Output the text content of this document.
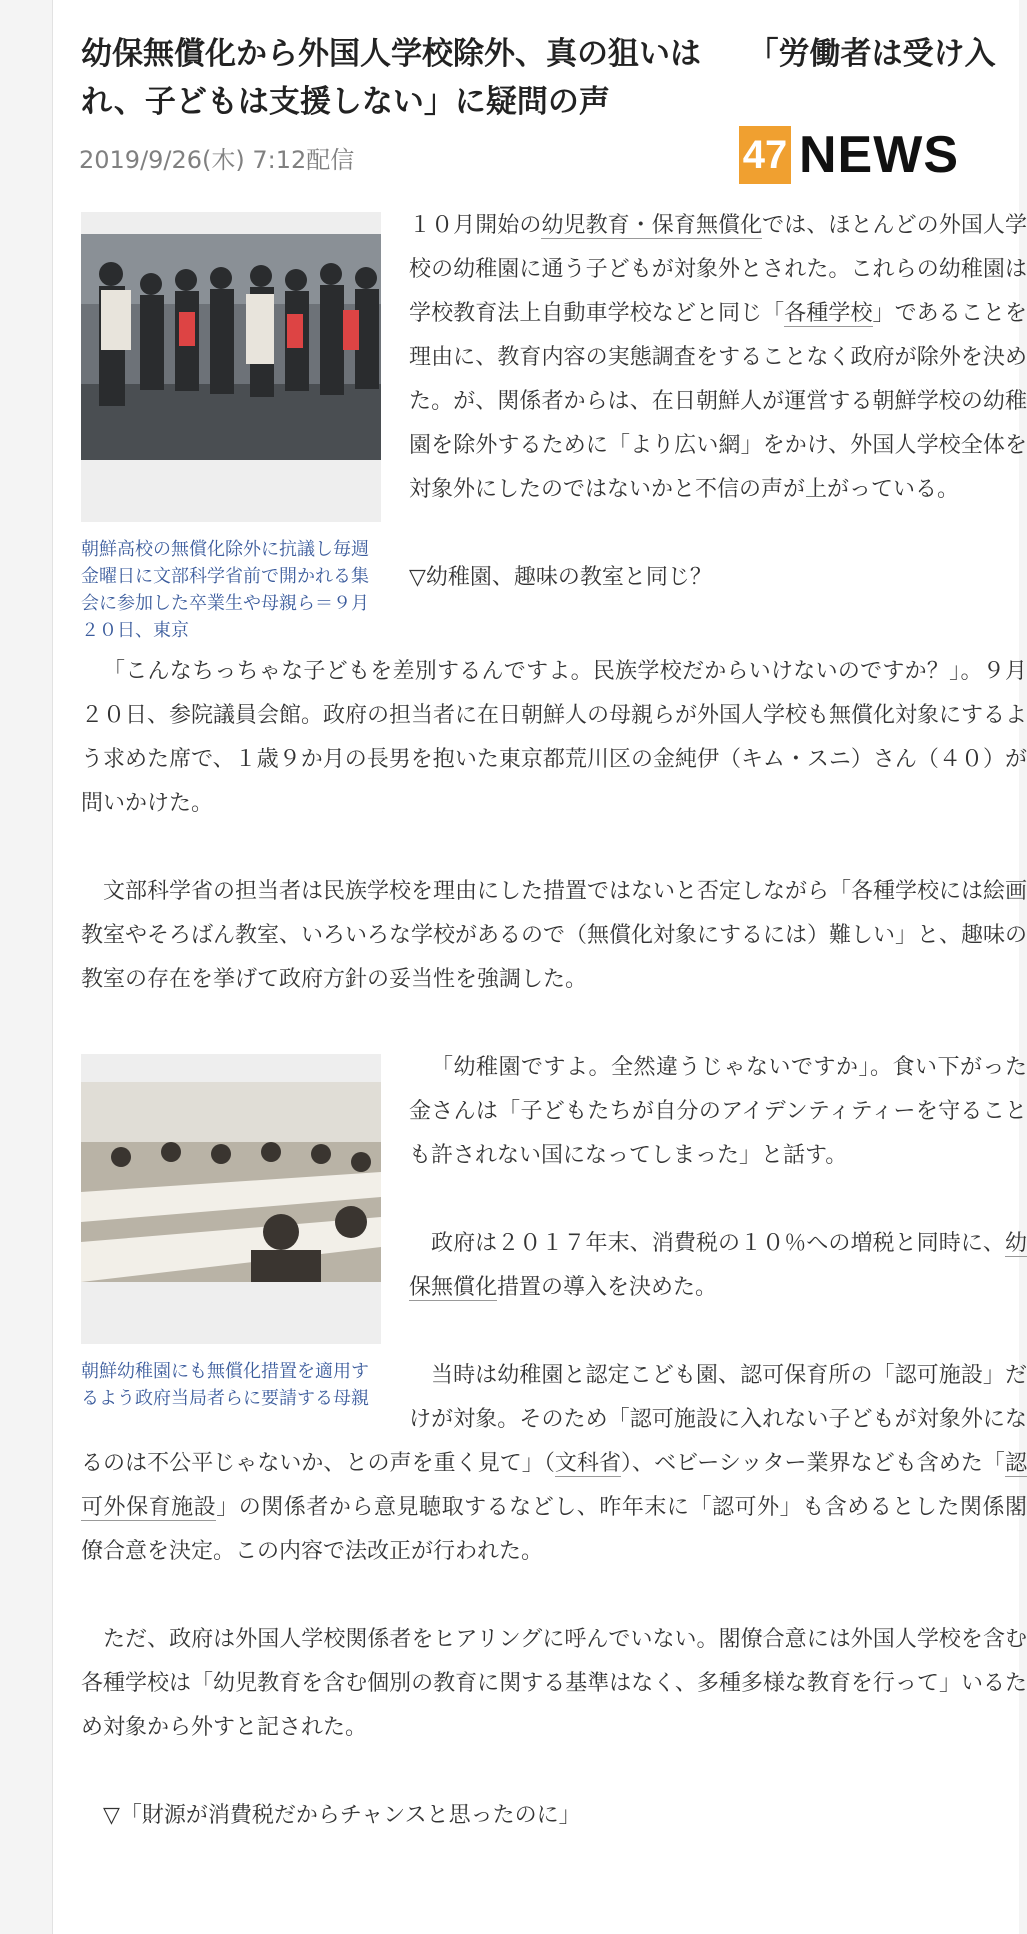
幼保無償化から外国人学校除外、真の狙いは　　「労働者は受け入れ、子どもは支援しない」に疑問の声
2019/9/26(木) 7:12配信	47 NEWS
朝鮮高校の無償化除外に抗議し毎週金曜日に文部科学省前で開かれる集会に参加した卒業生や母親ら＝９月２０日、東京

１０月開始の幼児教育・保育無償化では、ほとんどの外国人学校の幼稚園に通う子どもが対象外とされた。これらの幼稚園は学校教育法上自動車学校などと同じ「各種学校」であることを理由に、教育内容の実態調査をすることなく政府が除外を決めた。が、関係者からは、在日朝鮮人が運営する朝鮮学校の幼稚園を除外するために「より広い網」をかけ、外国人学校全体を対象外にしたのではないかと不信の声が上がっている。

▽幼稚園、趣味の教室と同じ？

「こんなちっちゃな子どもを差別するんですよ。民族学校だからいけないのですか？」。９月２０日、参院議員会館。政府の担当者に在日朝鮮人の母親らが外国人学校も無償化対象にするよう求めた席で、１歳９か月の長男を抱いた東京都荒川区の金純伊（キム・スニ）さん（４０）が問いかけた。

文部科学省の担当者は民族学校を理由にした措置ではないと否定しながら「各種学校には絵画教室やそろばん教室、いろいろな学校があるので（無償化対象にするには）難しい」と、趣味の教室の存在を挙げて政府方針の妥当性を強調した。

朝鮮幼稚園にも無償化措置を適用するよう政府当局者らに要請する母親

「幼稚園ですよ。全然違うじゃないですか」。食い下がった金さんは「子どもたちが自分のアイデンティティーを守ることも許されない国になってしまった」と話す。

政府は２０１７年末、消費税の１０％への増税と同時に、幼保無償化措置の導入を決めた。

当時は幼稚園と認定こども園、認可保育所の「認可施設」だけが対象。そのため「認可施設に入れない子どもが対象外になるのは不公平じゃないか、との声を重く見て」（文科省）、ベビーシッター業界なども含めた「認可外保育施設」の関係者から意見聴取するなどし、昨年末に「認可外」も含めるとした関係閣僚合意を決定。この内容で法改正が行われた。

ただ、政府は外国人学校関係者をヒアリングに呼んでいない。閣僚合意には外国人学校を含む各種学校は「幼児教育を含む個別の教育に関する基準はなく、多種多様な教育を行って」いるため対象から外すと記された。

▽「財源が消費税だからチャンスと思ったのに」
